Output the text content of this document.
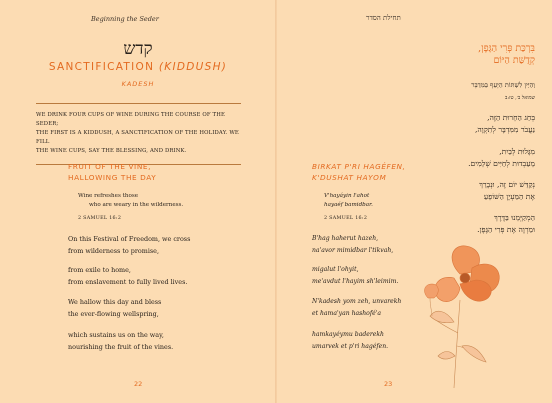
Beginning the Seder
קדש
SANCTIFICATION (KIDDUSH)
KADESH
WE DRINK FOUR CUPS OF WINE DURING THE COURSE OF THE SEDER;
THE FIRST IS A KIDDUSH, A SANCTIFICATION OF THE HOLIDAY. WE FILL
THE WINE CUPS, SAY THE BLESSING, AND DRINK.
FRUIT OF THE VINE,
HALLOWING THE DAY
Wine refreshes those
who are weary in the wilderness.
2 SAMUEL 16:2
On this Festival of Freedom, we cross
from wilderness to promise,
from exile to home,
from enslavement to fully lived lives.
We hallow this day and bless
the ever-flowing wellspring,
which sustains us on the way,
nourishing the fruit of the vines.
22
תחילת הסדר
BIRKAT P'RI HAGÉFEN,
K'DUSHAT HAYOM
V'hayáyin l'ahot
hayaéf bamidbar.
2 SAMUEL 16:2
B'hag haherut hazeh,
na'avor mimidbar l'tikvah,
migalut l'ohyit,
me'avdut l'hayim sh'leimim.
N'kadesh yom zeh, unvarekh
et hama'yan hashofé'a
hamkayéymu baderekh
umarvek et p'ri hagéfen.
בִּרְכַּת פְּרִי הַגָּפֶן,
קְדֻשַּׁת הַיּוֹם
וְהַיַּיִן לִשְׁתּוֹת הַיָּעֵף בַּמִּדְבָּר
שמואל ב׳, טז:ב
בְּחַג הַחֵרוּת הַזֶּה,
נַעֲבֹר מִמִּדְבָּר לְתִקְוָה,
מִגָּלוּת לְבַיִת,
מֵעַבְדוּת לְחַיִּים שְׁלֵמִים.
נְקַדֵּשׁ יוֹם זֶה, וּנְבָרֵךְ
אֶת הַמַּעְיָן הַשּׁוֹפֵעַ
הַמְקַיְּמֵנוּ בַּדֶּרֶךְ
וּמַרְוֶה אֶת פְּרִי הַגֶּפֶן.
23
